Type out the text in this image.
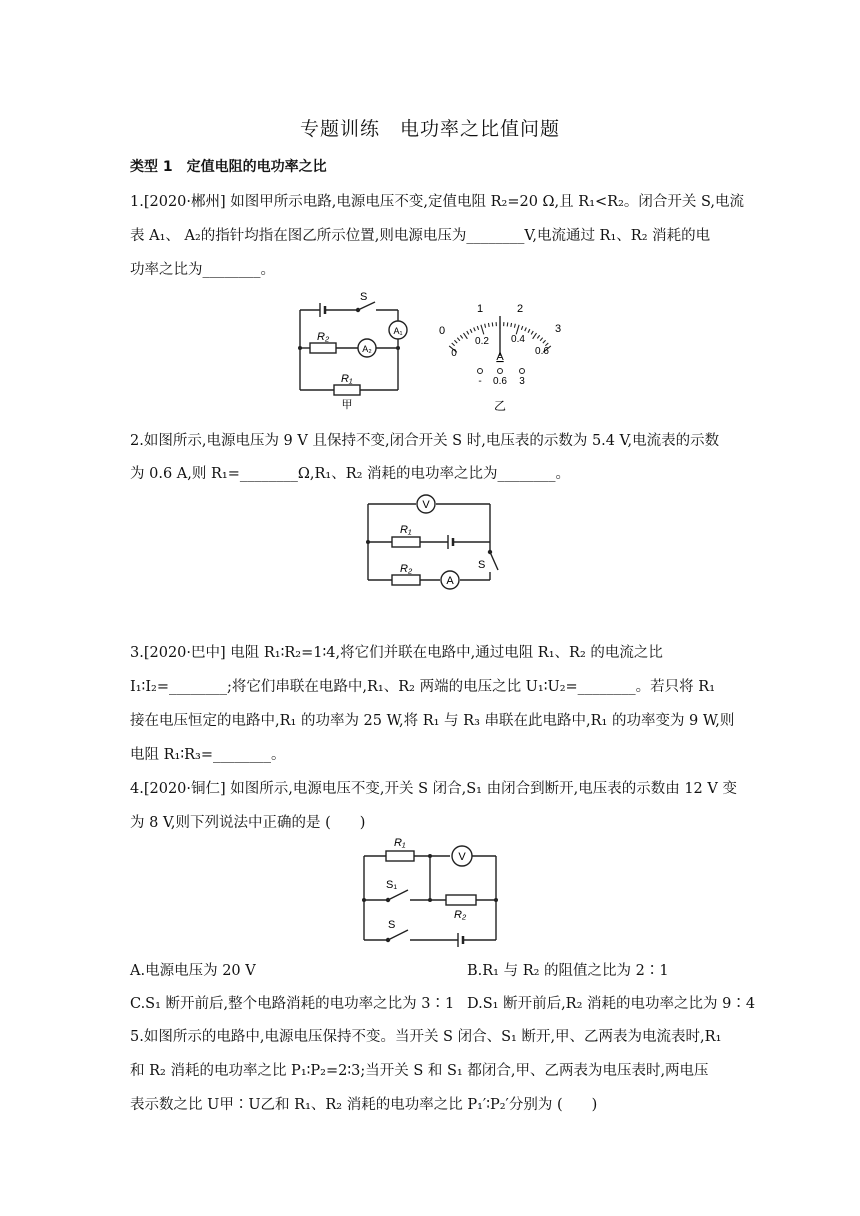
专题训练　电功率之比值问题
类型 1　定值电阻的电功率之比
1.[2020·郴州] 如图甲所示电路,电源电压不变,定值电阻 R₂=20 Ω,且 R₁<R₂。闭合开关 S,电流
表 A₁、 A₂的指针均指在图乙所示位置,则电源电压为________V,电流通过 R₁、R₂ 消耗的电
功率之比为________。
S
R₂
R₁
A₁
A₂
甲
1	2
3
0
0
0.2 0.4
0.6
A
- 0.6 3
乙
2.如图所示,电源电压为 9 V 且保持不变,闭合开关 S 时,电压表的示数为 5.4 V,电流表的示数
为 0.6 A,则 R₁=________Ω,R₁、R₂ 消耗的电功率之比为________。
V
R₁
R₂
A
S
3.[2020·巴中] 电阻 R₁∶R₂=1∶4,将它们并联在电路中,通过电阻 R₁、R₂ 的电流之比
I₁∶I₂=________;将它们串联在电路中,R₁、R₂ 两端的电压之比 U₁∶U₂=________。若只将 R₁
接在电压恒定的电路中,R₁ 的功率为 25 W,将 R₁ 与 R₃ 串联在此电路中,R₁ 的功率变为 9 W,则
电阻 R₁∶R₃=________。
4.[2020·铜仁] 如图所示,电源电压不变,开关 S 闭合,S₁ 由闭合到断开,电压表的示数由 12 V 变
为 8 V,则下列说法中正确的是 (　　)
R₁
V
S₁
R₂
S
A.电源电压为 20 V	B.R₁ 与 R₂ 的阻值之比为 2∶1
C.S₁ 断开前后,整个电路消耗的电功率之比为 3∶1 D.S₁ 断开前后,R₂ 消耗的电功率之比为 9∶4
5.如图所示的电路中,电源电压保持不变。当开关 S 闭合、S₁ 断开,甲、乙两表为电流表时,R₁
和 R₂ 消耗的电功率之比 P₁∶P₂=2∶3;当开关 S 和 S₁ 都闭合,甲、乙两表为电压表时,两电压
表示数之比 U甲∶U乙和 R₁、R₂ 消耗的电功率之比 P₁′∶P₂′分别为 (　　)
